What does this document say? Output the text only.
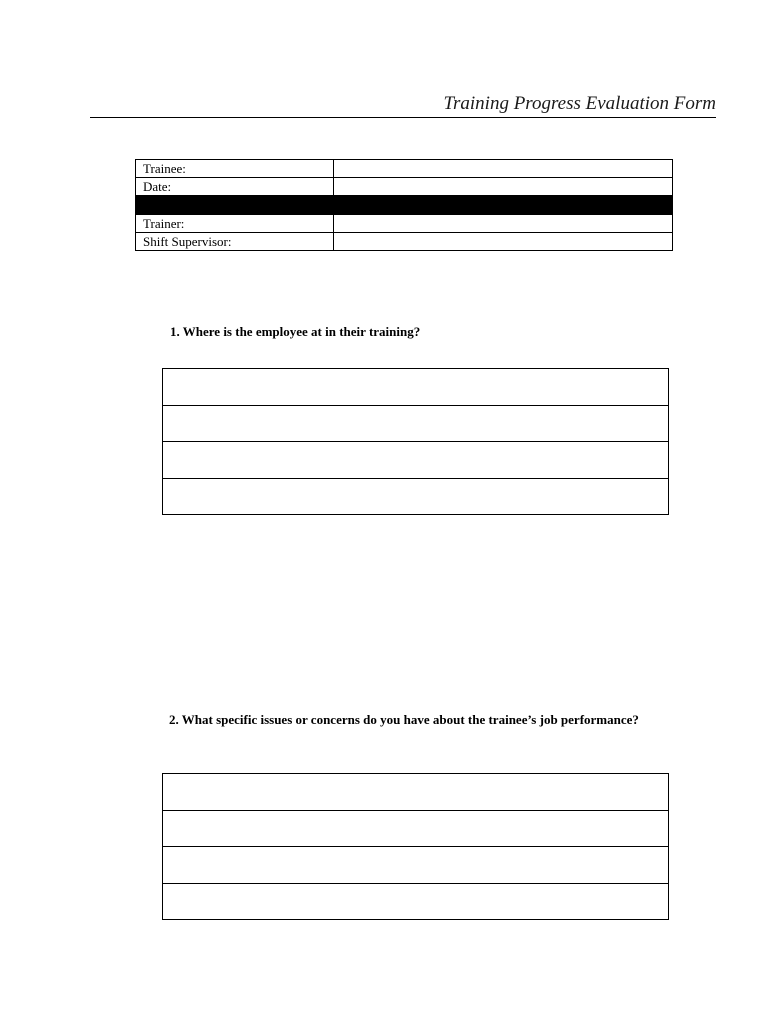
Training Progress Evaluation Form
Trainee:	
Date:	

Trainer:	
Shift Supervisor:	
1. Where is the employee at in their training?
2. What specific issues or concerns do you have about the trainee’s job performance?
